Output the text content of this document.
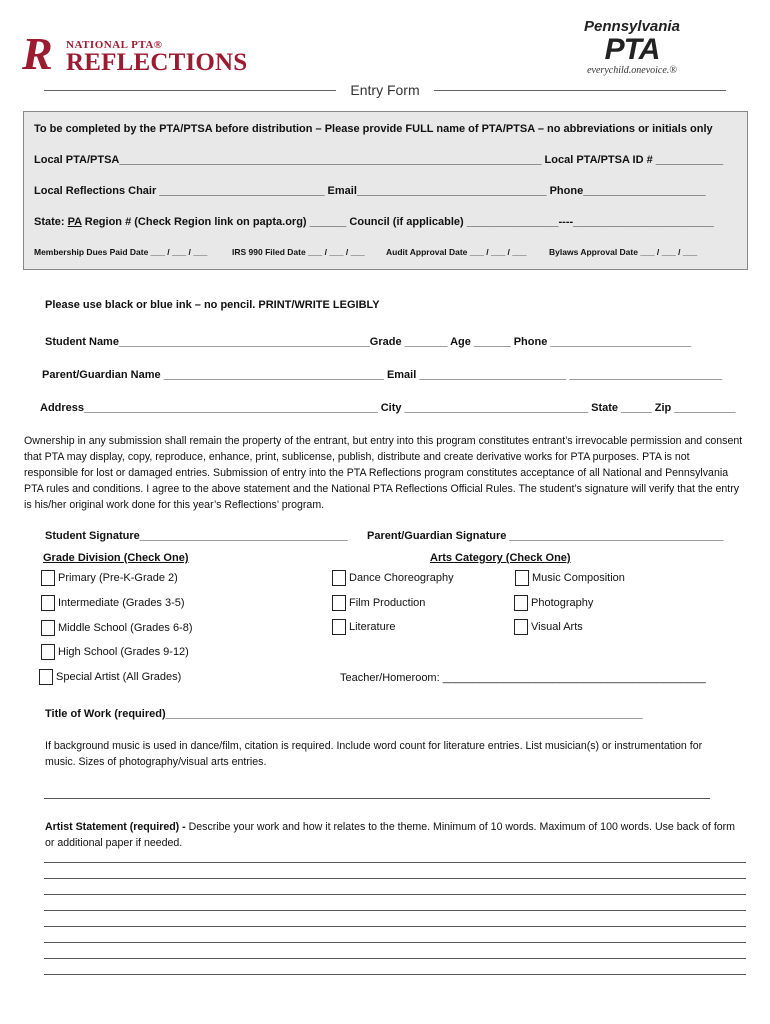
R NATIONAL PTA®
REFLECTIONS
Pennsylvania
PTA
everychild.onevoice.®
Entry Form
To be completed by the PTA/PTSA before distribution – Please provide FULL name of PTA/PTSA – no abbreviations or initials only
Local PTA/PTSA_____________________________________________________________________ Local PTA/PTSA ID # ___________
Local Reflections Chair ___________________________ Email_______________________________ Phone____________________
State: PA Region # (Check Region link on papta.org) ______ Council (if applicable) _______________----_______________________
Membership Dues Paid Date ___ / ___ / ___	IRS 990 Filed Date ___ / ___ / ___ Audit Approval Date ___ / ___ / ___	Bylaws Approval Date ___ / ___ / ___
Please use black or blue ink – no pencil. PRINT/WRITE LEGIBLY
Student Name_________________________________________Grade _______ Age ______ Phone _______________________
Parent/Guardian Name ____________________________________ Email ________________________ _________________________
Address________________________________________________ City ______________________________ State _____ Zip __________
Ownership in any submission shall remain the property of the entrant, but entry into this program constitutes entrant’s irrevocable permission and consent that PTA may display, copy, reproduce, enhance, print, sublicense, publish, distribute and create derivative works for PTA purposes. PTA is not responsible for lost or damaged entries. Submission of entry into the PTA Reflections program constitutes acceptance of all National and Pennsylvania PTA rules and conditions. I agree to the above statement and the National PTA Reflections Official Rules. The student’s signature will verify that the entry is his/her original work done for this year’s Reflections’ program.
Student Signature__________________________________ Parent/Guardian Signature ___________________________________
Grade Division (Check One)	Arts Category (Check One)
Primary (Pre-K-Grade 2)
Intermediate (Grades 3-5)
Middle School (Grades 6-8)
High School (Grades 9-12)
Special Artist (All Grades)
Dance Choreography
Film Production
Literature
Music Composition
Photography
Visual Arts
Teacher/Homeroom: ___________________________________________
Title of Work (required)______________________________________________________________________________
If background music is used in dance/film, citation is required. Include word count for literature entries. List musician(s) or instrumentation for music. Sizes of photography/visual arts entries.
Artist Statement (required) - Describe your work and how it relates to the theme. Minimum of 10 words. Maximum of 100 words. Use back of form or additional paper if needed.
